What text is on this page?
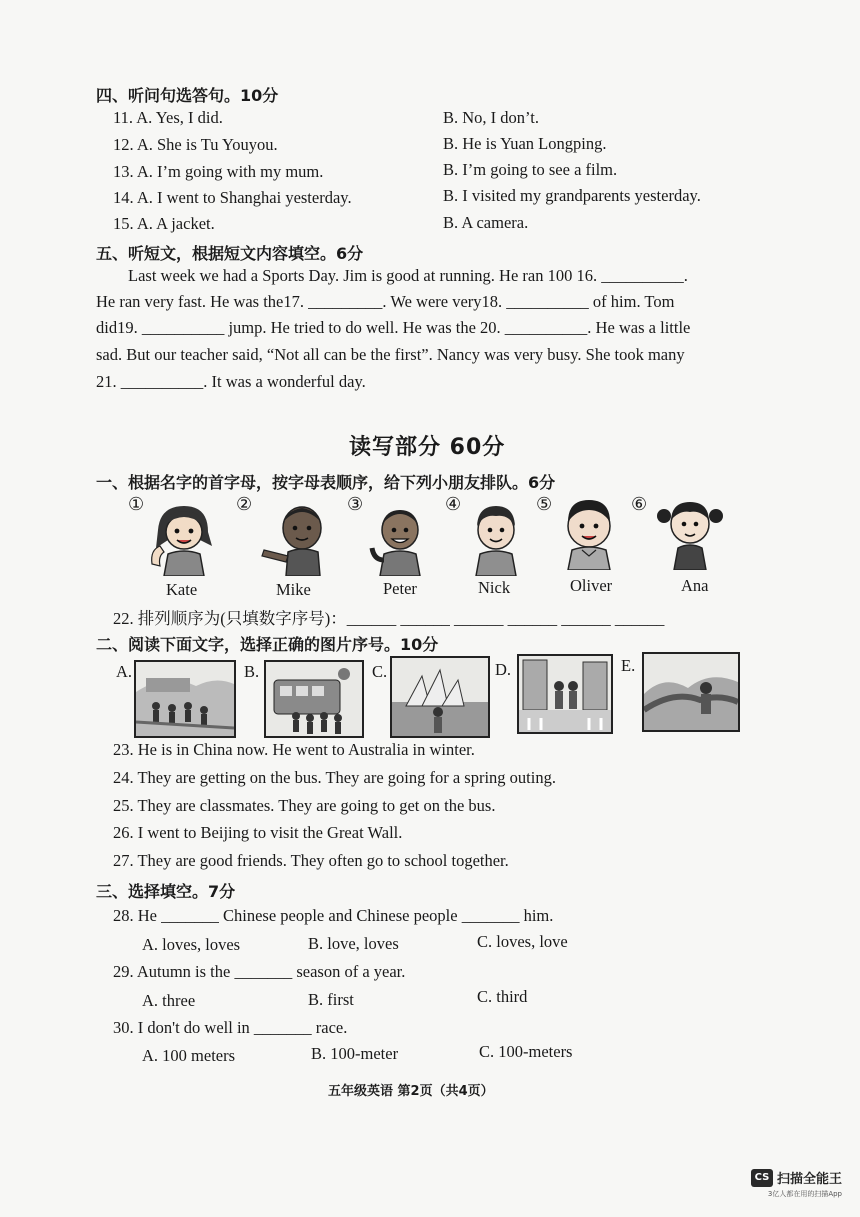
四、听问句选答句。10分
11. A. Yes, I did.	B. No, I don’t.
12. A. She is Tu Youyou.	B. He is Yuan Longping.
13. A. I’m going with my mum.	B. I’m going to see a film.
14. A. I went to Shanghai yesterday.	B. I visited my grandparents yesterday.
15. A. A jacket.	B. A camera.
五、听短文，根据短文内容填空。6分
Last week we had a Sports Day. Jim is good at running. He ran 100 16. __________.
He ran very fast. He was the17. _________. We were very18. __________ of him. Tom
did19. __________ jump. He tried to do well. He was the 20. __________. He was a little
sad. But our teacher said, “Not all can be the first”. Nancy was very busy. She took many
21. __________. It was a wonderful day.
读写部分 60分
一、根据名字的首字母，按字母表顺序，给下列小朋友排队。6分
①	②	③	④	⑤	⑥
Kate	Mike	Peter	Nick	Oliver	Ana
22. 排列顺序为(只填数字序号)：______ ______ ______ ______ ______ ______
二、阅读下面文字，选择正确的图片序号。10分
A.	B.	C.	D.	E.
23. He is in China now. He went to Australia in winter.
24. They are getting on the bus. They are going for a spring outing.
25. They are classmates. They are going to get on the bus.
26. I went to Beijing to visit the Great Wall.
27. They are good friends. They often go to school together.
三、选择填空。7分
28. He _______ Chinese people and Chinese people _______ him.
A. loves, loves	B. love, loves	C. loves, love
29. Autumn is the _______ season of a year.
A. three	B. first	C. third
30. I don't do well in _______ race.
A. 100 meters	B. 100-meter	C. 100-meters
五年级英语 第2页（共4页）
CS 扫描全能王
3亿人都在用的扫描App
